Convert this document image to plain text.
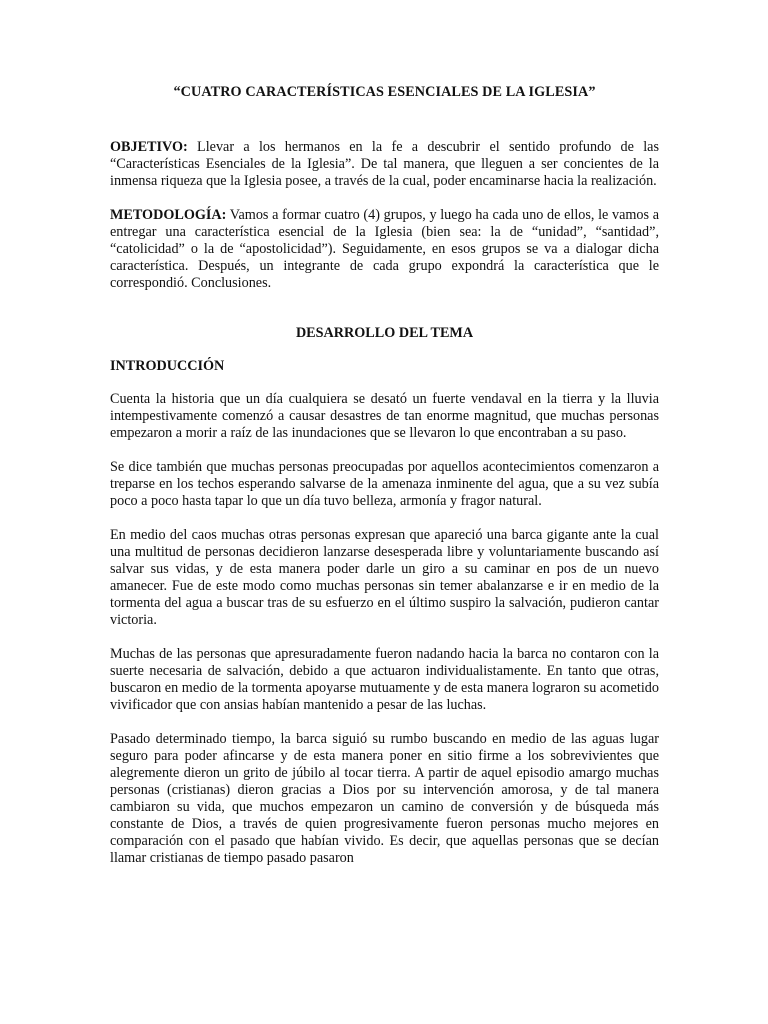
“CUATRO CARACTERÍSTICAS ESENCIALES DE LA IGLESIA”

OBJETIVO: Llevar a los hermanos en la fe a descubrir el sentido profundo de las “Características Esenciales de la Iglesia”. De tal manera, que lleguen a ser concientes de la inmensa riqueza que la Iglesia posee, a través de la cual, poder encaminarse hacia la realización.

METODOLOGÍA: Vamos a formar cuatro (4) grupos, y luego ha cada uno de ellos, le vamos a entregar una característica esencial de la Iglesia (bien sea: la de “unidad”, “santidad”, “catolicidad” o la de “apostolicidad”). Seguidamente, en esos grupos se va a dialogar dicha característica. Después, un integrante de cada grupo expondrá la característica que le correspondió. Conclusiones.

DESARROLLO DEL TEMA
INTRODUCCIÓN

Cuenta la historia que un día cualquiera se desató un fuerte vendaval en la tierra y la lluvia intempestivamente comenzó a causar desastres de tan enorme magnitud, que muchas personas empezaron a morir a raíz de las inundaciones que se llevaron lo que encontraban a su paso.

Se dice también que muchas personas preocupadas por aquellos acontecimientos comenzaron a treparse en los techos esperando salvarse de la amenaza inminente del agua, que a su vez subía poco a poco hasta tapar lo que un día tuvo belleza, armonía y fragor natural.

En medio del caos muchas otras personas expresan que apareció una barca gigante ante la cual una multitud de personas decidieron lanzarse desesperada libre y voluntariamente buscando así salvar sus vidas, y de esta manera poder darle un giro a su caminar en pos de un nuevo amanecer. Fue de este modo como muchas personas sin temer abalanzarse e ir en medio de la tormenta del agua a buscar tras de su esfuerzo en el último suspiro la salvación, pudieron cantar victoria.

Muchas de las personas que apresuradamente fueron nadando hacia la barca no contaron con la suerte necesaria de salvación, debido a que actuaron individualistamente. En tanto que otras, buscaron en medio de la tormenta apoyarse mutuamente y de esta manera lograron su acometido vivificador que con ansias habían mantenido a pesar de las luchas.

Pasado determinado tiempo, la barca siguió su rumbo buscando en medio de las aguas lugar seguro para poder afincarse y de esta manera poner en sitio firme a los sobrevivientes que alegremente dieron un grito de júbilo al tocar tierra. A partir de aquel episodio amargo muchas personas (cristianas) dieron gracias a Dios por su intervención amorosa, y de tal manera cambiaron su vida, que muchos empezaron un camino de conversión y de búsqueda más constante de Dios, a través de quien progresivamente fueron personas mucho mejores en comparación con el pasado que habían vivido. Es decir, que aquellas personas que se decían llamar cristianas de tiempo pasado pasaron
